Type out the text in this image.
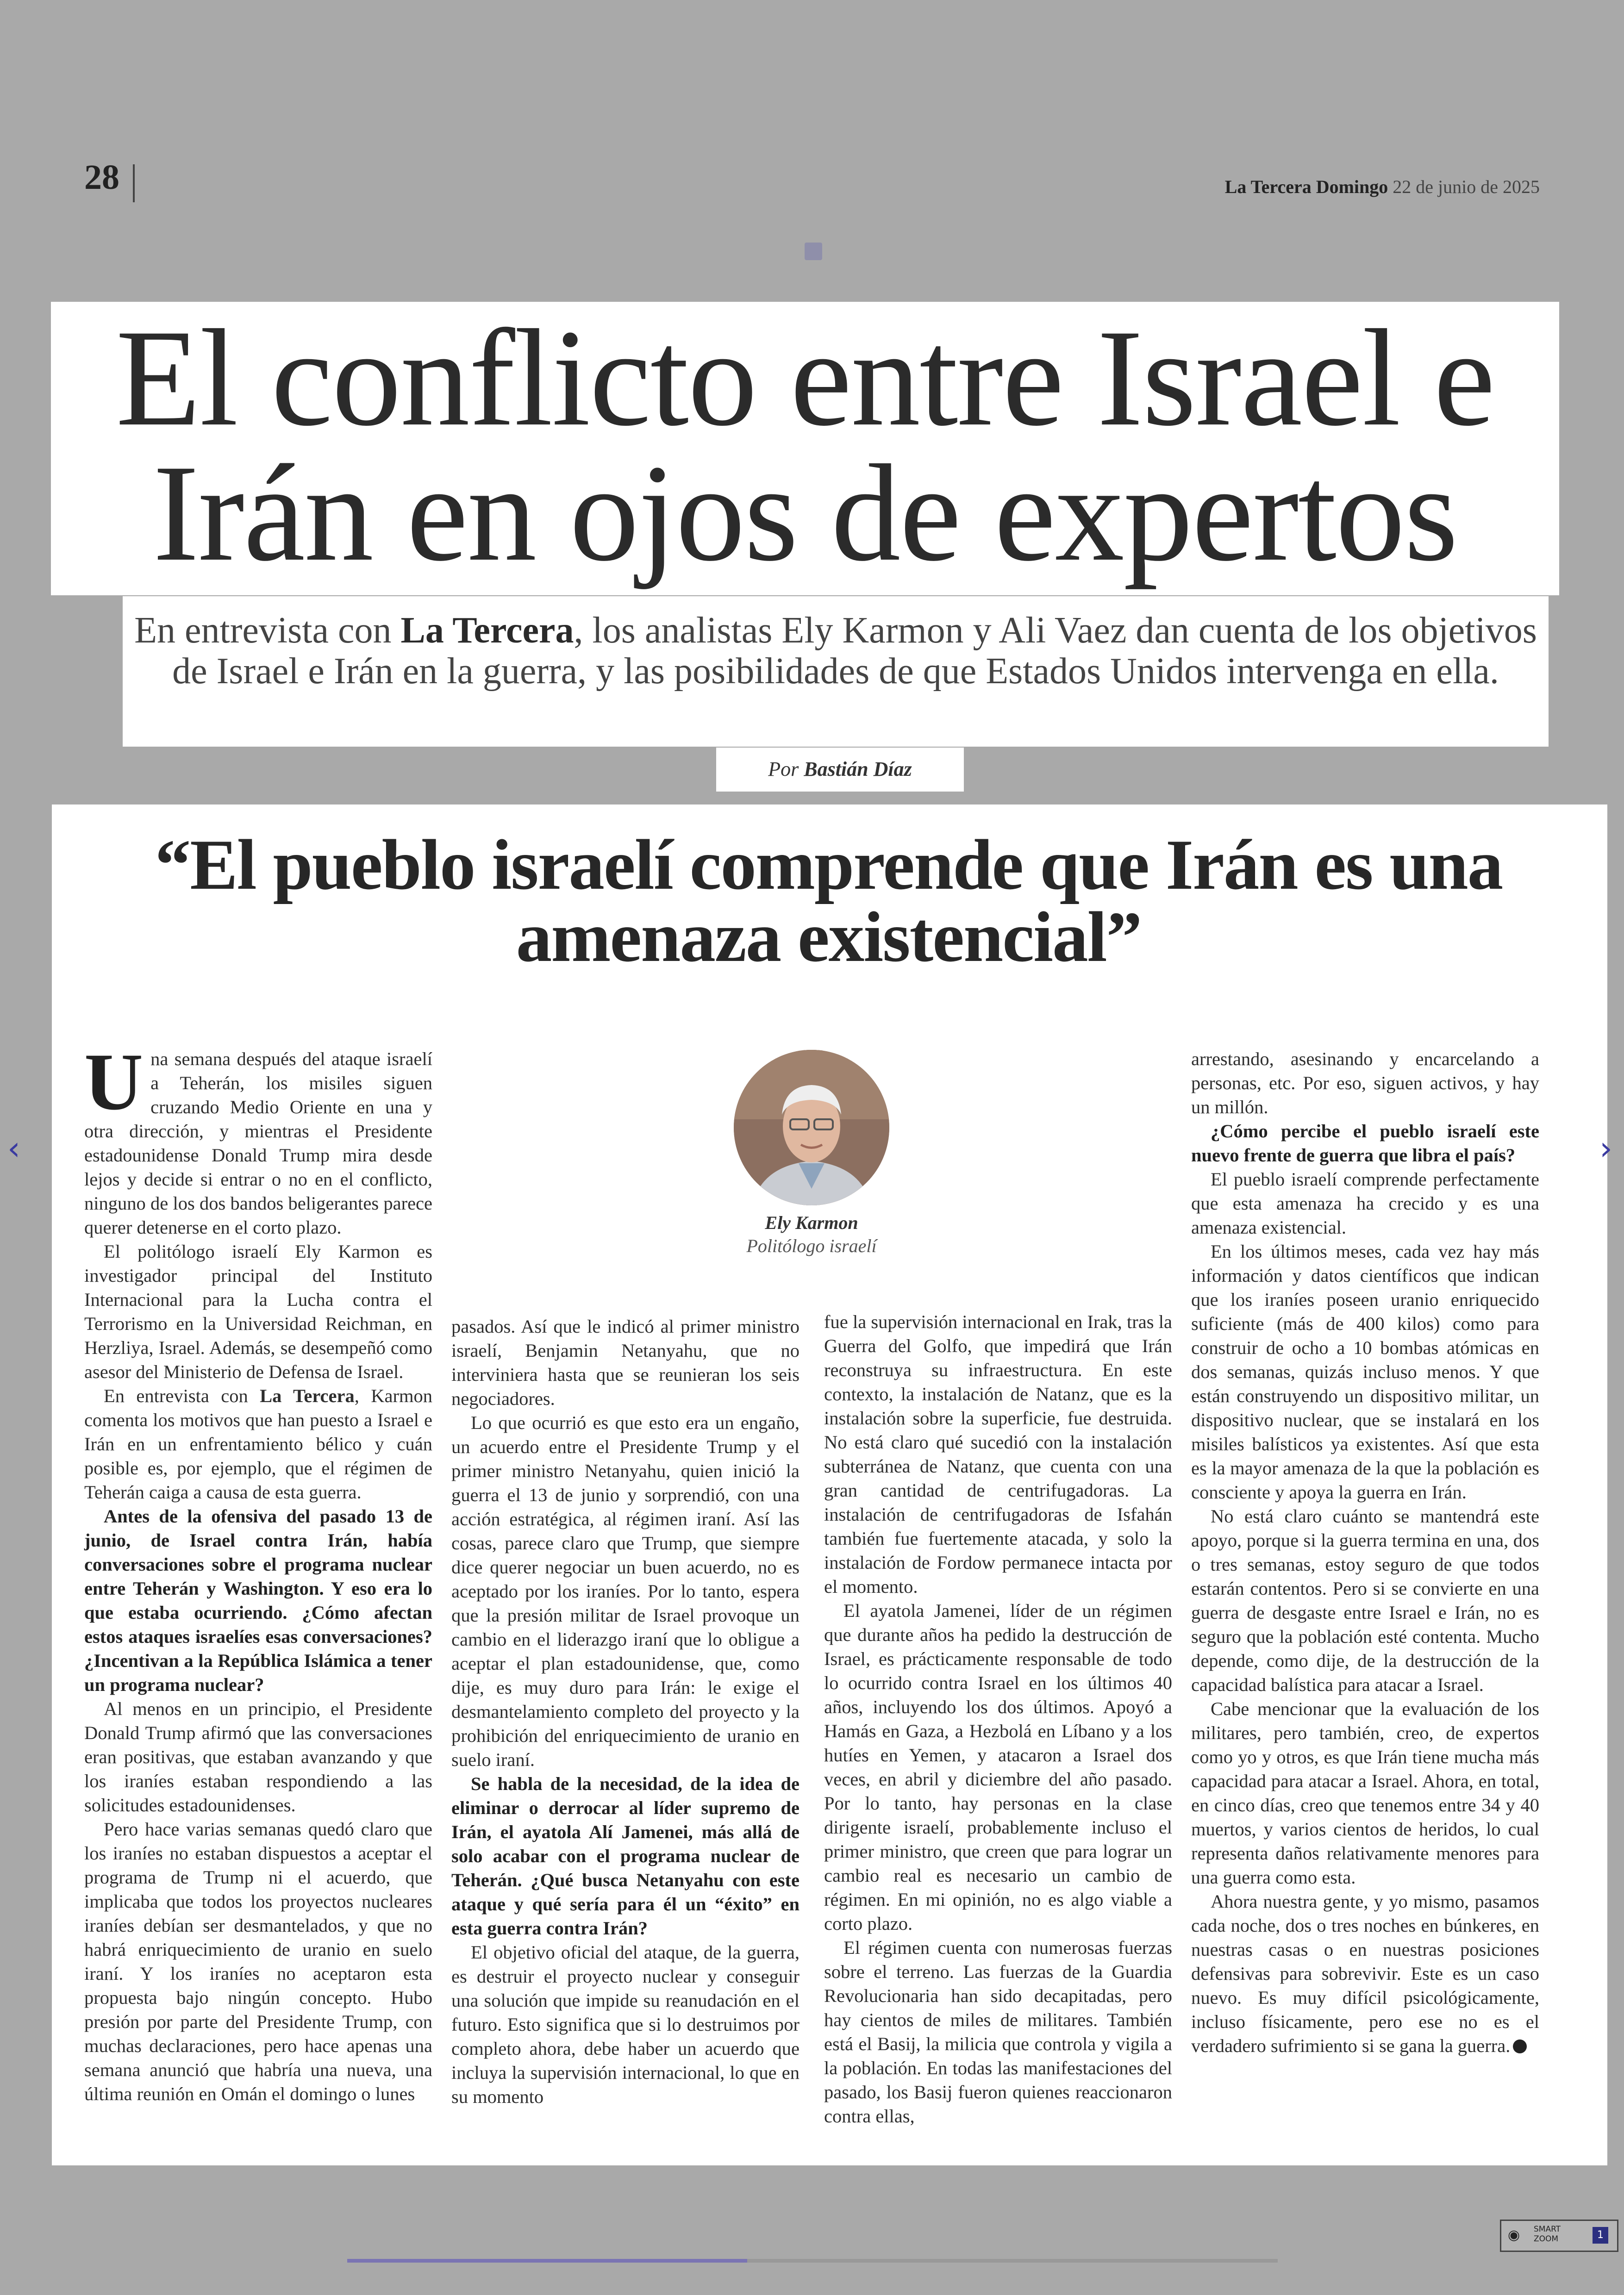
28	La Tercera Domingo 22 de junio de 2025
El conflicto entre Israel e Irán en ojos de expertos
En entrevista con La Tercera, los analistas Ely Karmon y Ali Vaez dan cuenta de los objetivos de Israel e Irán en la guerra, y las posibilidades de que Estados Unidos intervenga en ella.
Por Bastián Díaz
“El pueblo israelí comprende que Irán es una amenaza existencial”
Ely Karmon
Politólogo israelí

Una semana después del ataque israelí a Teherán, los misiles siguen cruzando Medio Oriente en una y otra dirección, y mientras el Presidente estadounidense Donald Trump mira desde lejos y decide si entrar o no en el conflicto, ninguno de los dos bandos beligerantes parece querer detenerse en el corto plazo.

El politólogo israelí Ely Karmon es investigador principal del Instituto Internacional para la Lucha contra el Terrorismo en la Universidad Reichman, en Herzliya, Israel. Además, se desempeñó como asesor del Ministerio de Defensa de Israel.

En entrevista con La Tercera, Karmon comenta los motivos que han puesto a Israel e Irán en un enfrentamiento bélico y cuán posible es, por ejemplo, que el régimen de Teherán caiga a causa de esta guerra.

Antes de la ofensiva del pasado 13 de junio, de Israel contra Irán, había conversaciones sobre el programa nuclear entre Teherán y Washington. Y eso era lo que estaba ocurriendo. ¿Cómo afectan estos ataques israelíes esas conversaciones? ¿Incentivan a la República Islámica a tener un programa nuclear?

Al menos en un principio, el Presidente Donald Trump afirmó que las conversaciones eran positivas, que estaban avanzando y que los iraníes estaban respondiendo a las solicitudes estadounidenses.

Pero hace varias semanas quedó claro que los iraníes no estaban dispuestos a aceptar el programa de Trump ni el acuerdo, que implicaba que todos los proyectos nucleares iraníes debían ser desmantelados, y que no habrá enriquecimiento de uranio en suelo iraní. Y los iraníes no aceptaron esta propuesta bajo ningún concepto. Hubo presión por parte del Presidente Trump, con muchas declaraciones, pero hace apenas una semana anunció que habría una nueva, una última reunión en Omán el domingo o lunes

pasados. Así que le indicó al primer ministro israelí, Benjamin Netanyahu, que no interviniera hasta que se reunieran los seis negociadores.

Lo que ocurrió es que esto era un engaño, un acuerdo entre el Presidente Trump y el primer ministro Netanyahu, quien inició la guerra el 13 de junio y sorprendió, con una acción estratégica, al régimen iraní. Así las cosas, parece claro que Trump, que siempre dice querer negociar un buen acuerdo, no es aceptado por los iraníes. Por lo tanto, espera que la presión militar de Israel provoque un cambio en el liderazgo iraní que lo obligue a aceptar el plan estadounidense, que, como dije, es muy duro para Irán: le exige el desmantelamiento completo del proyecto y la prohibición del enriquecimiento de uranio en suelo iraní.

Se habla de la necesidad, de la idea de eliminar o derrocar al líder supremo de Irán, el ayatola Alí Jamenei, más allá de solo acabar con el programa nuclear de Teherán. ¿Qué busca Netanyahu con este ataque y qué sería para él un “éxito” en esta guerra contra Irán?

El objetivo oficial del ataque, de la guerra, es destruir el proyecto nuclear y conseguir una solución que impide su reanudación en el futuro. Esto significa que si lo destruimos por completo ahora, debe haber un acuerdo que incluya la supervisión internacional, lo que en su momento

fue la supervisión internacional en Irak, tras la Guerra del Golfo, que impedirá que Irán reconstruya su infraestructura. En este contexto, la instalación de Natanz, que es la instalación sobre la superficie, fue destruida. No está claro qué sucedió con la instalación subterránea de Natanz, que cuenta con una gran cantidad de centrifugadoras. La instalación de centrifugadoras de Isfahán también fue fuertemente atacada, y solo la instalación de Fordow permanece intacta por el momento.

El ayatola Jamenei, líder de un régimen que durante años ha pedido la destrucción de Israel, es prácticamente responsable de todo lo ocurrido contra Israel en los últimos 40 años, incluyendo los dos últimos. Apoyó a Hamás en Gaza, a Hezbolá en Líbano y a los hutíes en Yemen, y atacaron a Israel dos veces, en abril y diciembre del año pasado. Por lo tanto, hay personas en la clase dirigente israelí, probablemente incluso el primer ministro, que creen que para lograr un cambio real es necesario un cambio de régimen. En mi opinión, no es algo viable a corto plazo.

El régimen cuenta con numerosas fuerzas sobre el terreno. Las fuerzas de la Guardia Revolucionaria han sido decapitadas, pero hay cientos de miles de militares. También está el Basij, la milicia que controla y vigila a la población. En todas las manifestaciones del pasado, los Basij fueron quienes reaccionaron contra ellas,

arrestando, asesinando y encarcelando a personas, etc. Por eso, siguen activos, y hay un millón.

¿Cómo percibe el pueblo israelí este nuevo frente de guerra que libra el país?

El pueblo israelí comprende perfectamente que esta amenaza ha crecido y es una amenaza existencial.

En los últimos meses, cada vez hay más información y datos científicos que indican que los iraníes poseen uranio enriquecido suficiente (más de 400 kilos) como para construir de ocho a 10 bombas atómicas en dos semanas, quizás incluso menos. Y que están construyendo un dispositivo militar, un dispositivo nuclear, que se instalará en los misiles balísticos ya existentes. Así que esta es la mayor amenaza de la que la población es consciente y apoya la guerra en Irán.

No está claro cuánto se mantendrá este apoyo, porque si la guerra termina en una, dos o tres semanas, estoy seguro de que todos estarán contentos. Pero si se convierte en una guerra de desgaste entre Israel e Irán, no es seguro que la población esté contenta. Mucho depende, como dije, de la destrucción de la capacidad balística para atacar a Israel.

Cabe mencionar que la evaluación de los militares, pero también, creo, de expertos como yo y otros, es que Irán tiene mucha más capacidad para atacar a Israel. Ahora, en total, en cinco días, creo que tenemos entre 34 y 40 muertos, y varios cientos de heridos, lo cual representa daños relativamente menores para una guerra como esta.

Ahora nuestra gente, y yo mismo, pasamos cada noche, dos o tres noches en búnkeres, en nuestras casas o en nuestras posiciones defensivas para sobrevivir. Este es un caso nuevo. Es muy difícil psicológicamente, incluso físicamente, pero ese no es el verdadero sufrimiento si se gana la guerra.

‹	›
◉ SMART
ZOOM	1
